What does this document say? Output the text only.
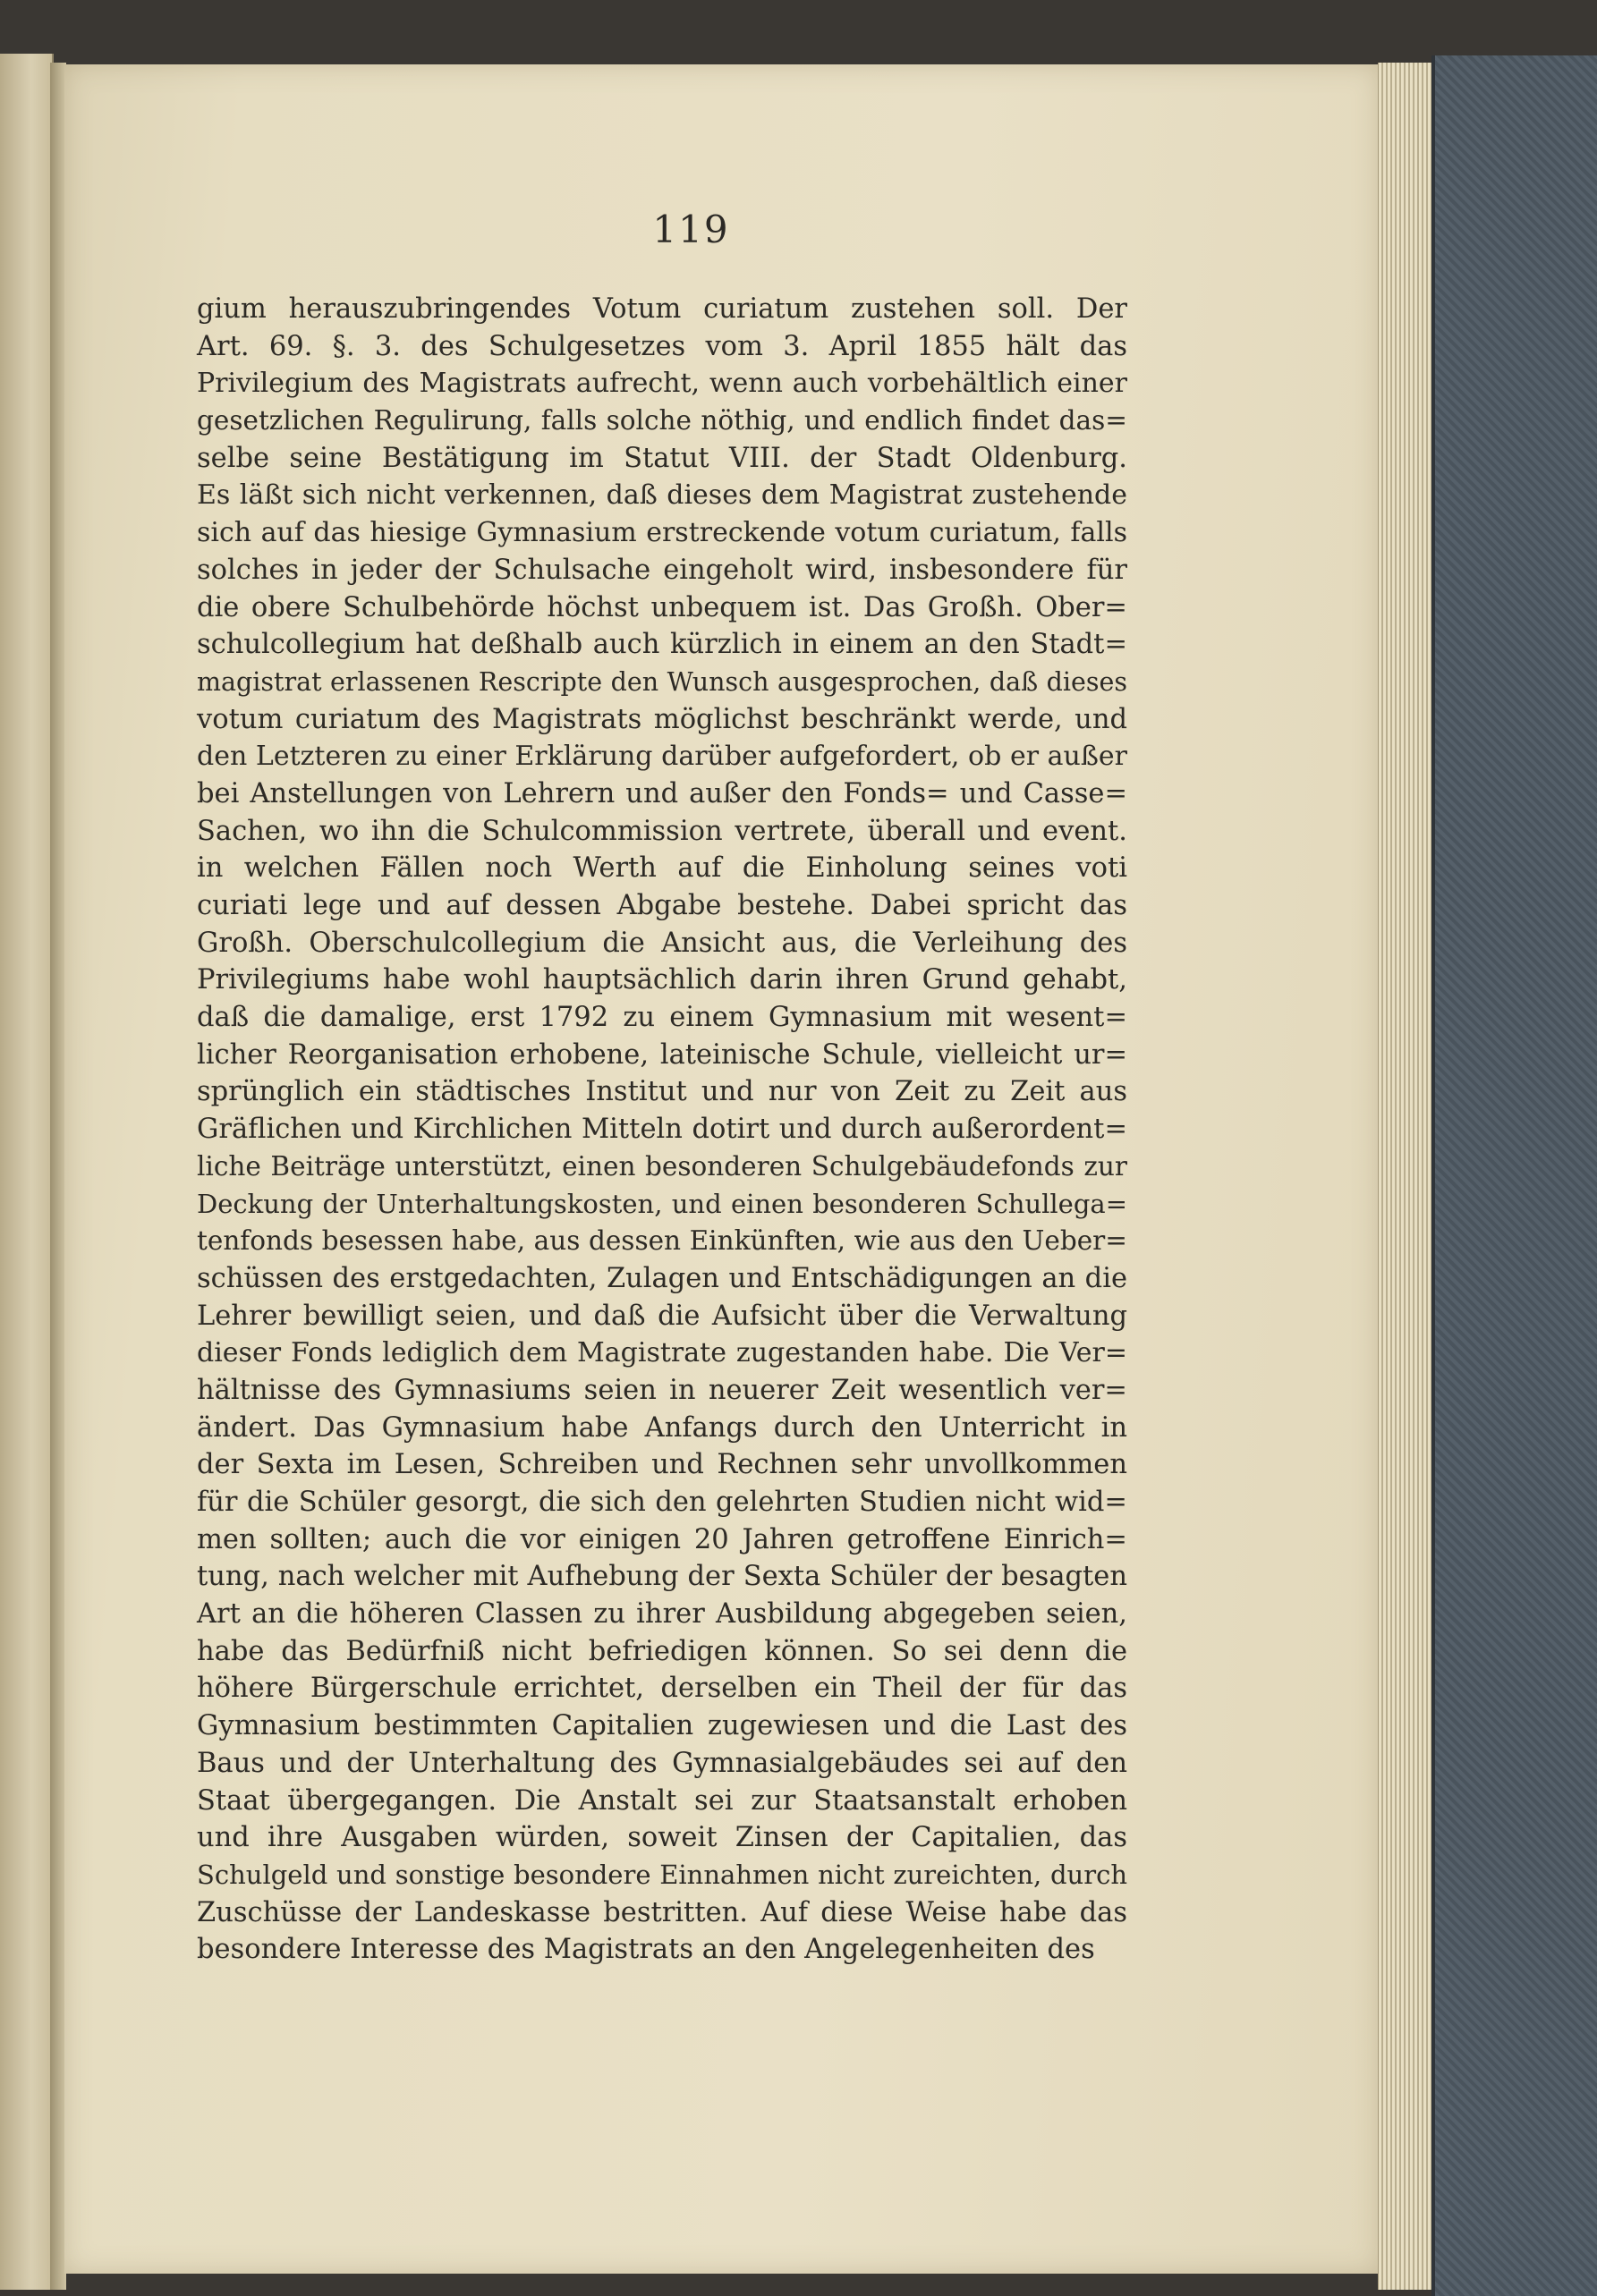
119
gium herauszubringendes Votum curiatum zustehen soll. Der
Art. 69. §. 3. des Schulgesetzes vom 3. April 1855 hält das
Privilegium des Magistrats aufrecht, wenn auch vorbehältlich einer
gesetzlichen Regulirung, falls solche nöthig, und endlich findet das=
selbe seine Bestätigung im Statut VIII. der Stadt Oldenburg.
Es läßt sich nicht verkennen, daß dieses dem Magistrat zustehende
sich auf das hiesige Gymnasium erstreckende votum curiatum, falls
solches in jeder der Schulsache eingeholt wird, insbesondere für
die obere Schulbehörde höchst unbequem ist. Das Großh. Ober=
schulcollegium hat deßhalb auch kürzlich in einem an den Stadt=
magistrat erlassenen Rescripte den Wunsch ausgesprochen, daß dieses
votum curiatum des Magistrats möglichst beschränkt werde, und
den Letzteren zu einer Erklärung darüber aufgefordert, ob er außer
bei Anstellungen von Lehrern und außer den Fonds= und Casse=
Sachen, wo ihn die Schulcommission vertrete, überall und event.
in welchen Fällen noch Werth auf die Einholung seines voti
curiati lege und auf dessen Abgabe bestehe. Dabei spricht das
Großh. Oberschulcollegium die Ansicht aus, die Verleihung des
Privilegiums habe wohl hauptsächlich darin ihren Grund gehabt,
daß die damalige, erst 1792 zu einem Gymnasium mit wesent=
licher Reorganisation erhobene, lateinische Schule, vielleicht ur=
sprünglich ein städtisches Institut und nur von Zeit zu Zeit aus
Gräflichen und Kirchlichen Mitteln dotirt und durch außerordent=
liche Beiträge unterstützt, einen besonderen Schulgebäudefonds zur
Deckung der Unterhaltungskosten, und einen besonderen Schullega=
tenfonds besessen habe, aus dessen Einkünften, wie aus den Ueber=
schüssen des erstgedachten, Zulagen und Entschädigungen an die
Lehrer bewilligt seien, und daß die Aufsicht über die Verwaltung
dieser Fonds lediglich dem Magistrate zugestanden habe. Die Ver=
hältnisse des Gymnasiums seien in neuerer Zeit wesentlich ver=
ändert. Das Gymnasium habe Anfangs durch den Unterricht in
der Sexta im Lesen, Schreiben und Rechnen sehr unvollkommen
für die Schüler gesorgt, die sich den gelehrten Studien nicht wid=
men sollten; auch die vor einigen 20 Jahren getroffene Einrich=
tung, nach welcher mit Aufhebung der Sexta Schüler der besagten
Art an die höheren Classen zu ihrer Ausbildung abgegeben seien,
habe das Bedürfniß nicht befriedigen können. So sei denn die
höhere Bürgerschule errichtet, derselben ein Theil der für das
Gymnasium bestimmten Capitalien zugewiesen und die Last des
Baus und der Unterhaltung des Gymnasialgebäudes sei auf den
Staat übergegangen. Die Anstalt sei zur Staatsanstalt erhoben
und ihre Ausgaben würden, soweit Zinsen der Capitalien, das
Schulgeld und sonstige besondere Einnahmen nicht zureichten, durch
Zuschüsse der Landeskasse bestritten. Auf diese Weise habe das
besondere Interesse des Magistrats an den Angelegenheiten des
